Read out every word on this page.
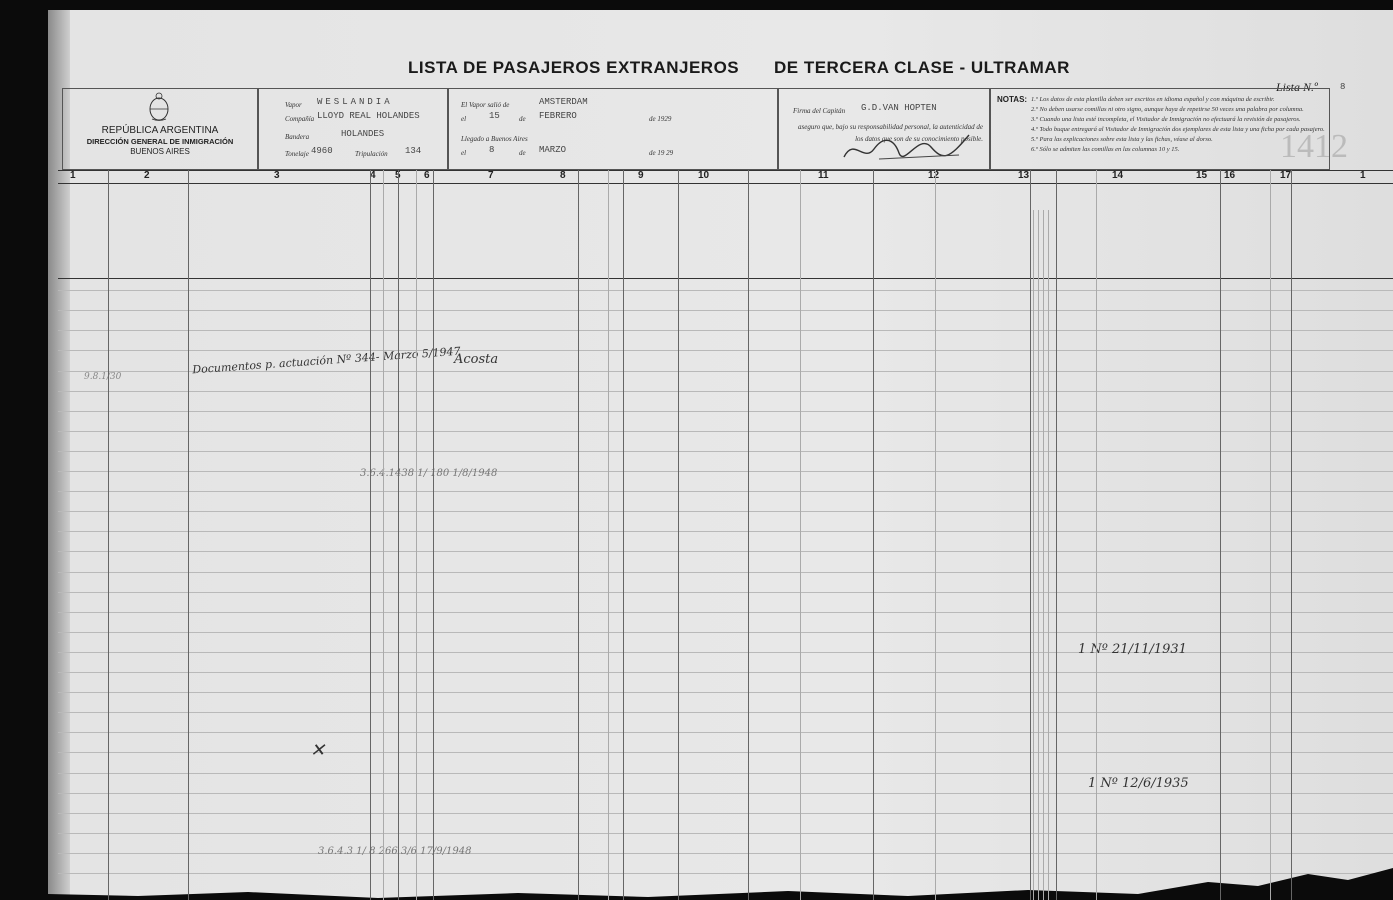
LISTA DE PASAJEROS EXTRANJEROS DE TERCERA CLASE - ULTRAMAR
Lista N.º 8
REPÚBLICA ARGENTINA
DIRECCIÓN GENERAL DE INMIGRACIÓN
BUENOS AIRES
Vapor WESLANDIA
Compañía LLOYD REAL HOLANDES
Bandera	HOLANDES
Tonelaje 4960	Tripulación 134
El Vapor salió de	AMSTERDAM
el	15	de FEBRERO	de 1929
Llegado a Buenos Aires
el	8	de MARZO	de 19 29
Firma del Capitán G.D.VAN HOPTEN
aseguro que, bajo su responsabilidad personal, la autenticidad de los datos que son de su conocimiento posible.
NOTAS: 1.º Los datos de esta planilla deben ser escritos en idioma español y con máquina de escribir.
2.º No deben usarse comillas ni otro signo, aunque haya de repetirse 50 veces una palabra por columna.
3.º Cuando una lista esté incompleta, el Visitador de Inmigración no efectuará la revisión de pasajeros.
4.º Todo buque entregará al Visitador de Inmigración dos ejemplares de esta lista y una ficha por cada pasajero.
5.º Para las explicaciones sobre esta lista y las fichas, véase al dorso.
6.º Sólo se admiten las comillas en las columnas 10 y 15.	1412
1	2	3	4 5 6	7	8	9	10	11	12	13	14	15 16	17	1
Documentos p. actuación Nº 344- Marzo 5/1947
Acosta
3.6.4.1438 1/ 180 1/8/1948
1 Nº 21/11/1931
1 Nº 12/6/1935
3.6.4.3 1/ 8 266 3/6 17/9/1948
9.8.1/30
✕
